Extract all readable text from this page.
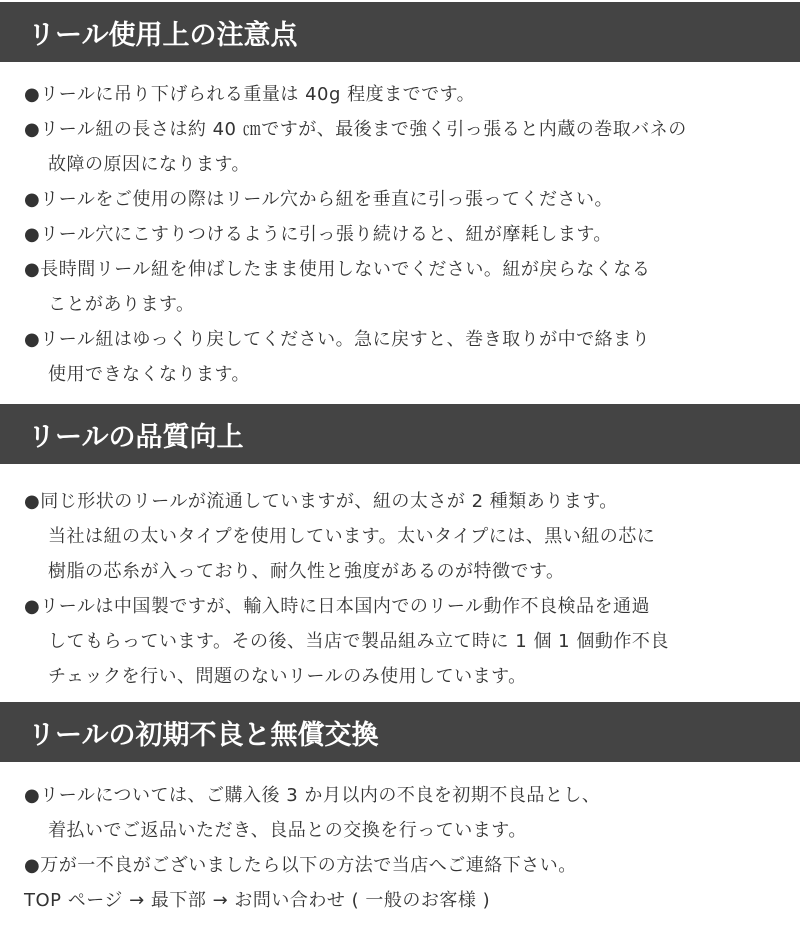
リール使用上の注意点
●リールに吊り下げられる重量は 40g 程度までです。
●リール紐の長さは約 40 ㎝ですが、最後まで強く引っ張ると内蔵の巻取バネの
故障の原因になります。
●リールをご使用の際はリール穴から紐を垂直に引っ張ってください。
●リール穴にこすりつけるように引っ張り続けると、紐が摩耗します。
●長時間リール紐を伸ばしたまま使用しないでください。紐が戻らなくなる
ことがあります。
●リール紐はゆっくり戻してください。急に戻すと、巻き取りが中で絡まり
使用できなくなります。
リールの品質向上
●同じ形状のリールが流通していますが、紐の太さが 2 種類あります。
当社は紐の太いタイプを使用しています。太いタイプには、黒い紐の芯に
樹脂の芯糸が入っており、耐久性と強度があるのが特徴です。
●リールは中国製ですが、輸入時に日本国内でのリール動作不良検品を通過
してもらっています。その後、当店で製品組み立て時に 1 個 1 個動作不良
チェックを行い、問題のないリールのみ使用しています。
リールの初期不良と無償交換
●リールについては、ご購入後 3 か月以内の不良を初期不良品とし、
着払いでご返品いただき、良品との交換を行っています。
●万が一不良がございましたら以下の方法で当店へご連絡下さい。
TOP ページ → 最下部 → お問い合わせ ( 一般のお客様 )
